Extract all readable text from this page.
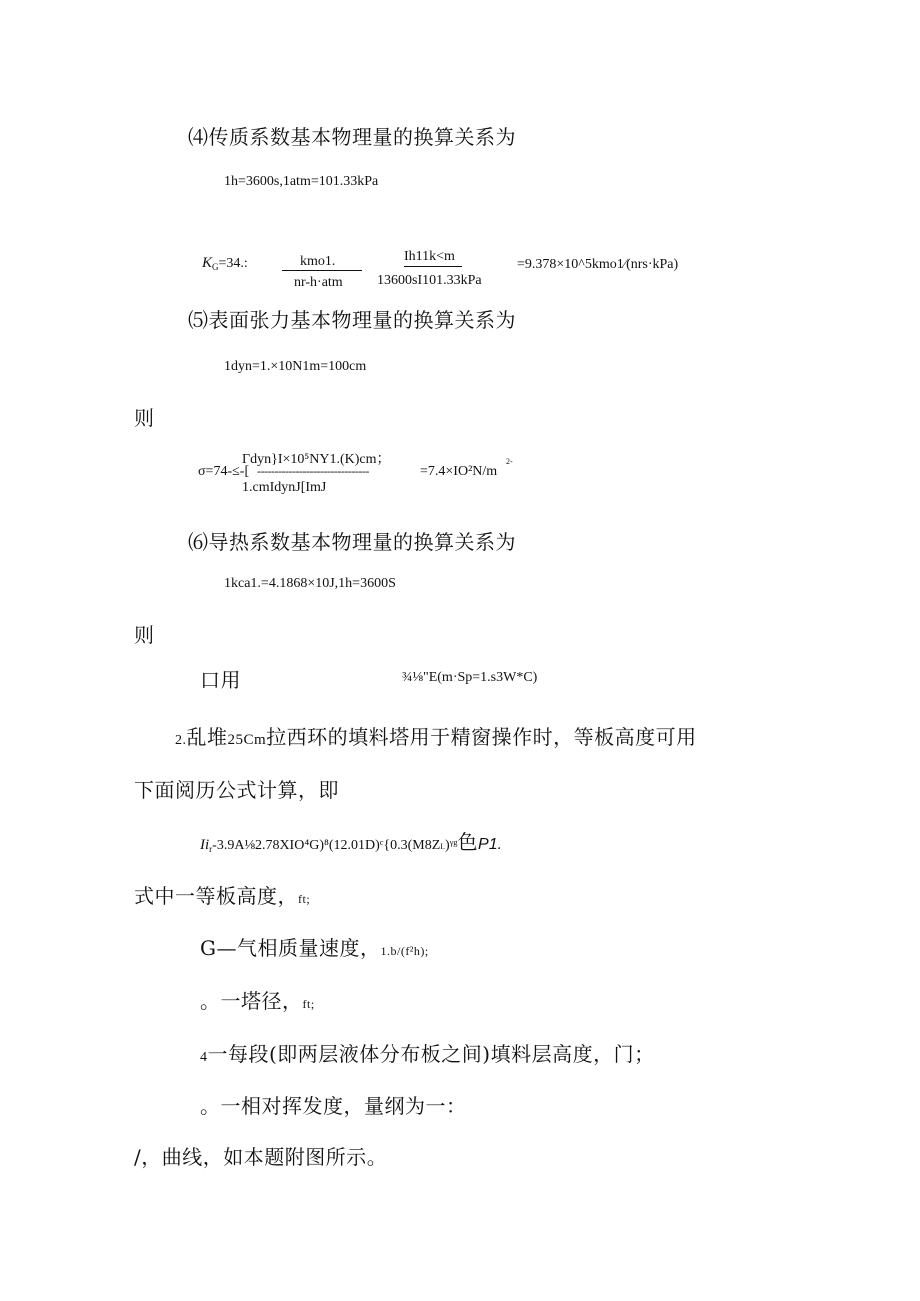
⑷传质系数基本物理量的换算关系为
1h=3600s,1atm=101.33kPa
KG=34.:	kmo1.
nr-h·atm
Ih11k<m
13600sI101.33kPa
=9.378×10^5kmo1∕(nrs·kPa)
⑸表面张力基本物理量的换算关系为
1dyn=1.×10N1m=100cm
则
Γdyn}I×10⁵NY1.(K)cm；
σ=74-≤-[ --------------------------------	=7.4×IO²N/m
2-
1.cmIdynJ[ImJ
⑹导热系数基本物理量的换算关系为
1kca1.=4.1868×10J,1h=3600S
则
口用	¾⅛"E(m·Sp=1.s3W*C)
2.乱堆25Cm拉西环的填料塔用于精窗操作时，等板高度可用
下面阅历公式计算，即
Iir-3.9A⅛2.78XIO⁴G)⁸(12.01D)ᶜ{0.3(M8ZI.)ᵞᵍ色P1.
式中一等板高度，ft;
G—气相质量速度，1.b/(f²h);
。一塔径，ft;
4一每段(即两层液体分布板之间)填料层高度，门；
。一相对挥发度，量纲为一：
/，曲线，如本题附图所示。
